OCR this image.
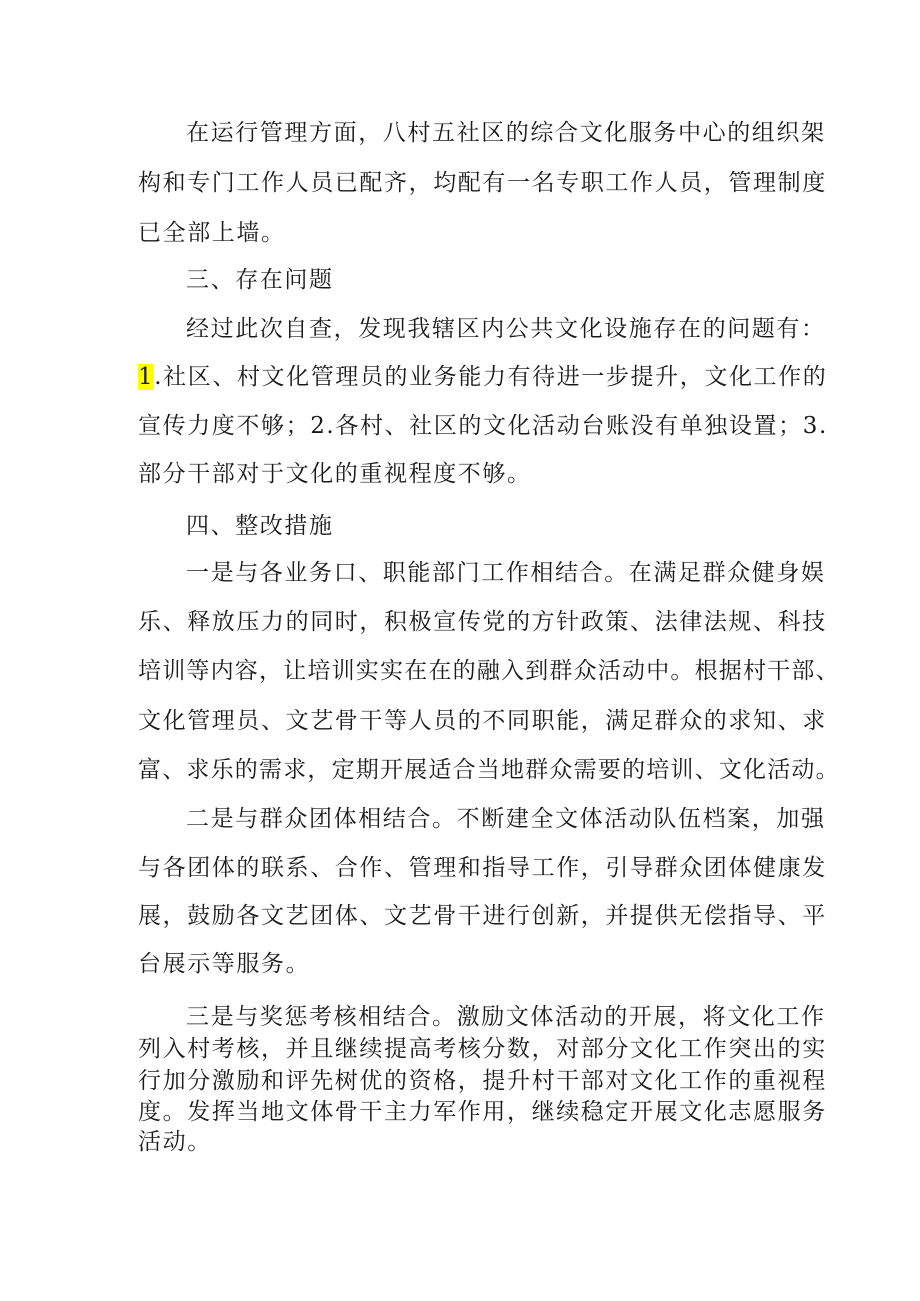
在运行管理方面，八村五社区的综合文化服务中心的组织架
构和专门工作人员已配齐，均配有一名专职工作人员，管理制度
已全部上墙。
三、存在问题
经过此次自查，发现我辖区内公共文化设施存在的问题有：
1.社区、村文化管理员的业务能力有待进一步提升，文化工作的
宣传力度不够；2.各村、社区的文化活动台账没有单独设置；3.
部分干部对于文化的重视程度不够。
四、整改措施
一是与各业务口、职能部门工作相结合。在满足群众健身娱
乐、释放压力的同时，积极宣传党的方针政策、法律法规、科技
培训等内容，让培训实实在在的融入到群众活动中。根据村干部、
文化管理员、文艺骨干等人员的不同职能，满足群众的求知、求
富、求乐的需求，定期开展适合当地群众需要的培训、文化活动。
二是与群众团体相结合。不断建全文体活动队伍档案，加强
与各团体的联系、合作、管理和指导工作，引导群众团体健康发
展，鼓励各文艺团体、文艺骨干进行创新，并提供无偿指导、平
台展示等服务。
三是与奖惩考核相结合。激励文体活动的开展，将文化工作
列入村考核，并且继续提高考核分数，对部分文化工作突出的实
行加分激励和评先树优的资格，提升村干部对文化工作的重视程
度。发挥当地文体骨干主力军作用，继续稳定开展文化志愿服务
活动。
